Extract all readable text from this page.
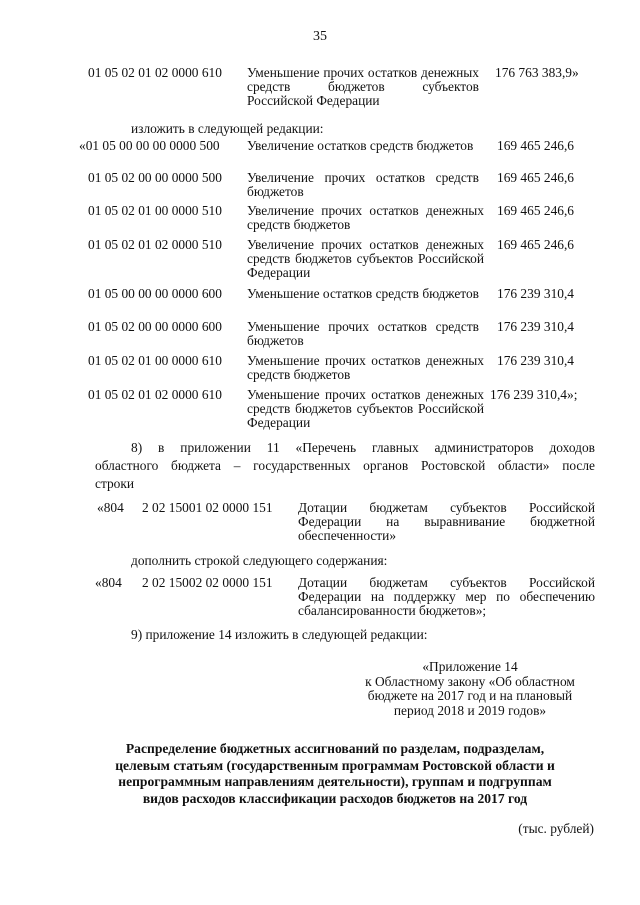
35
01 05 02 01 02 0000 610 Уменьшение прочих остатков денежных средств бюджетов субъектов Российской Федерации
176 763 383,9»
изложить в следующей редакции:
«01 05 00 00 00 0000 500 Увеличение остатков средств бюджетов	169 465 246,6
01 05 02 00 00 0000 500 Увеличение прочих остатков средств бюджетов
169 465 246,6
01 05 02 01 00 0000 510 Увеличение прочих остатков денежных средств бюджетов
169 465 246,6
01 05 02 01 02 0000 510 Увеличение прочих остатков денежных средств бюджетов субъектов Российской Федерации
169 465 246,6
01 05 00 00 00 0000 600 Уменьшение остатков средств бюджетов 176 239 310,4
01 05 02 00 00 0000 600 Уменьшение прочих остатков средств бюджетов
176 239 310,4
01 05 02 01 00 0000 610 Уменьшение прочих остатков денежных средств бюджетов
176 239 310,4
01 05 02 01 02 0000 610 Уменьшение прочих остатков денежных средств бюджетов субъектов Российской Федерации
176 239 310,4»;
8) в приложении 11 «Перечень главных администраторов доходов
областного бюджета – государственных органов Ростовской области» после
строки
«804 2 02 15001 02 0000 151 Дотации бюджетам субъектов Российской Федерации на выравнивание бюджетной обеспеченности»
дополнить строкой следующего содержания:
«804 2 02 15002 02 0000 151 Дотации бюджетам субъектов Российской Федерации на поддержку мер по обеспечению сбалансированности бюджетов»;
9) приложение 14 изложить в следующей редакции:
«Приложение 14
к Областному закону «Об областном
бюджете на 2017 год и на плановый
период 2018 и 2019 годов»
Распределение бюджетных ассигнований по разделам, подразделам,
целевым статьям (государственным программам Ростовской области и
непрограммным направлениям деятельности), группам и подгруппам
видов расходов классификации расходов бюджетов на 2017 год
(тыс. рублей)
